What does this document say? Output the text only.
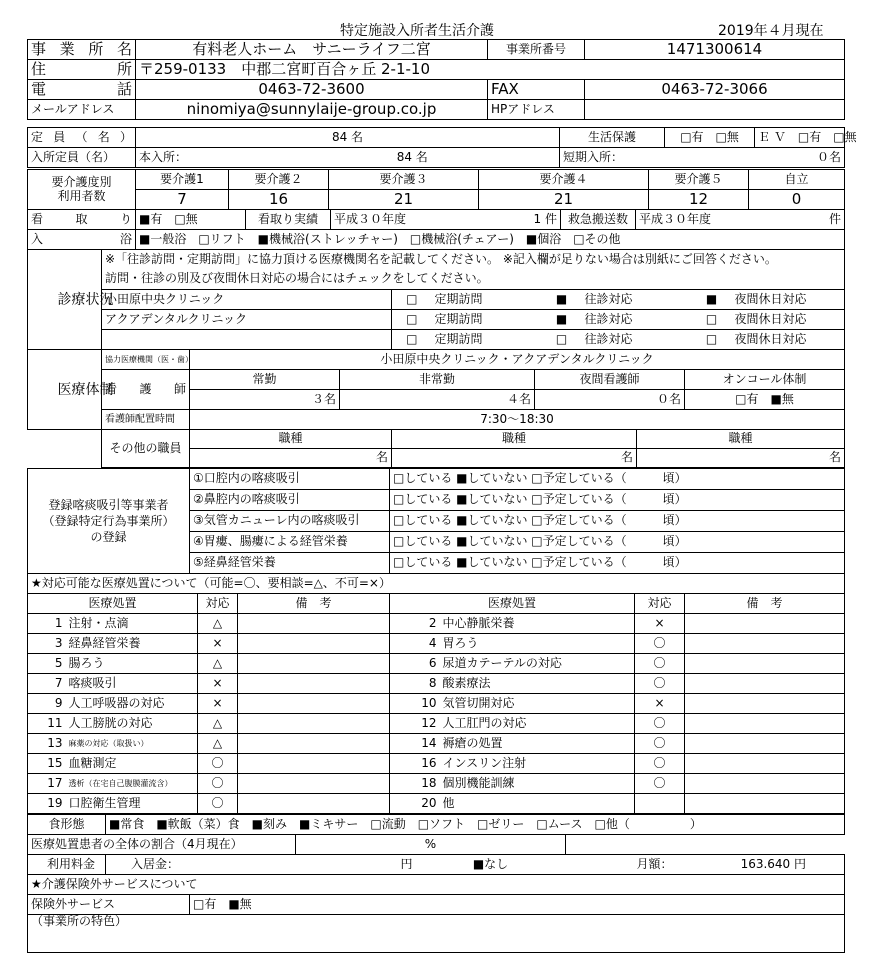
特定施設入所者生活介護	2019年４月現在
事業所名	有料老人ホーム　サニーライフ二宮	事業所番号	1471300614
住所	〒259-0133　中郡二宮町百合ヶ丘 2-1-10		
電話	0463-72-3600	FAX	0463-72-3066
メールアドレス	ninomiya@sunnylaije-group.co.jp	HPアドレス	
定員（名）	84 名		生活保護	□有　□無	Ｅ Ｖ　 □有　□無
入所定員（名）	本入所：	84 名	短期入所：	０名	
要介護度別
利用者数	要介護1	要介護２	要介護３	要介護４	要介護５	自立
	7	16	21	21	12	0
看取り	■有　□無	看取り実績	平成３０年度	1 件	救急搬送数	平成３０年度	件
入浴	■一般浴　□リフト　■機械浴(ストレッチャー)　□機械浴(チェアー)　■個浴　□その他						
診療状況	※「往診訪問・定期訪問」に協力頂ける医療機関名を記載してください。 ※記入欄が足りない場合は別紙にご回答ください。						
	訪問・往診の別及び夜間休日対応の場合にはチェックをしてください。						
	小田原中央クリニック	□	定期訪問	■	往診対応	■	夜間休日対応
	アクアデンタルクリニック	□	定期訪問	■	往診対応	□	夜間休日対応
		□	定期訪問	□	往診対応	□	夜間休日対応
医療体制	協力医療機関（医・歯）	小田原中央クリニック・アクアデンタルクリニック			
	看護師	常勤	非常勤	夜間看護師	オンコール体制
		３名	４名	０名	□有　■無
	看護師配置時間	7:30～18:30			
その他の職員	職種	職種	職種
	名	名	名
登録喀痰吸引等事業者
（登録特定行為事業所）
の登録	①口腔内の喀痰吸引	□している ■していない □予定している（　　　頃）
	②鼻腔内の喀痰吸引	□している ■していない □予定している（　　　頃）
	③気管カニューレ内の喀痰吸引	□している ■していない □予定している（　　　頃）
	④胃瘻、腸瘻による経管栄養	□している ■していない □予定している（　　　頃）
	⑤経鼻経管栄養	□している ■していない □予定している（　　　頃）
★対応可能な医療処置について（可能=〇、要相談=△、不可=×）							
医療処置		対応	備　考	医療処置		対応	備　考
1	注射・点滴	△		2	中心静脈栄養	×	
3	経鼻経管栄養	×		4	胃ろう	〇	
5	腸ろう	△		6	尿道カテーテルの対応	〇	
7	喀痰吸引	×		8	酸素療法	〇	
9	人工呼吸器の対応	×		10	気管切開対応	×	
11	人工膀胱の対応	△		12	人工肛門の対応	〇	
13	麻薬の対応（取扱い）	△		14	褥瘡の処置	〇	
15	血糖測定	〇		16	インスリン注射	〇	
17	透析（在宅自己腹膜灌流含）	〇		18	個別機能訓練	〇	
19	口腔衛生管理	〇		20	他		
食形態	■常食　■軟飯（菜）食　■刻み　■ミキサー　□流動　□ソフト　□ゼリー　□ムース　□他（　　　　　）				
医療処置患者の全体の割合（4月現在）		%			
利用料金	入居金：	円	■なし	月額：	163.640 円
★介護保険外サービスについて
保険外サービス	□有　■無
（事業所の特色）
